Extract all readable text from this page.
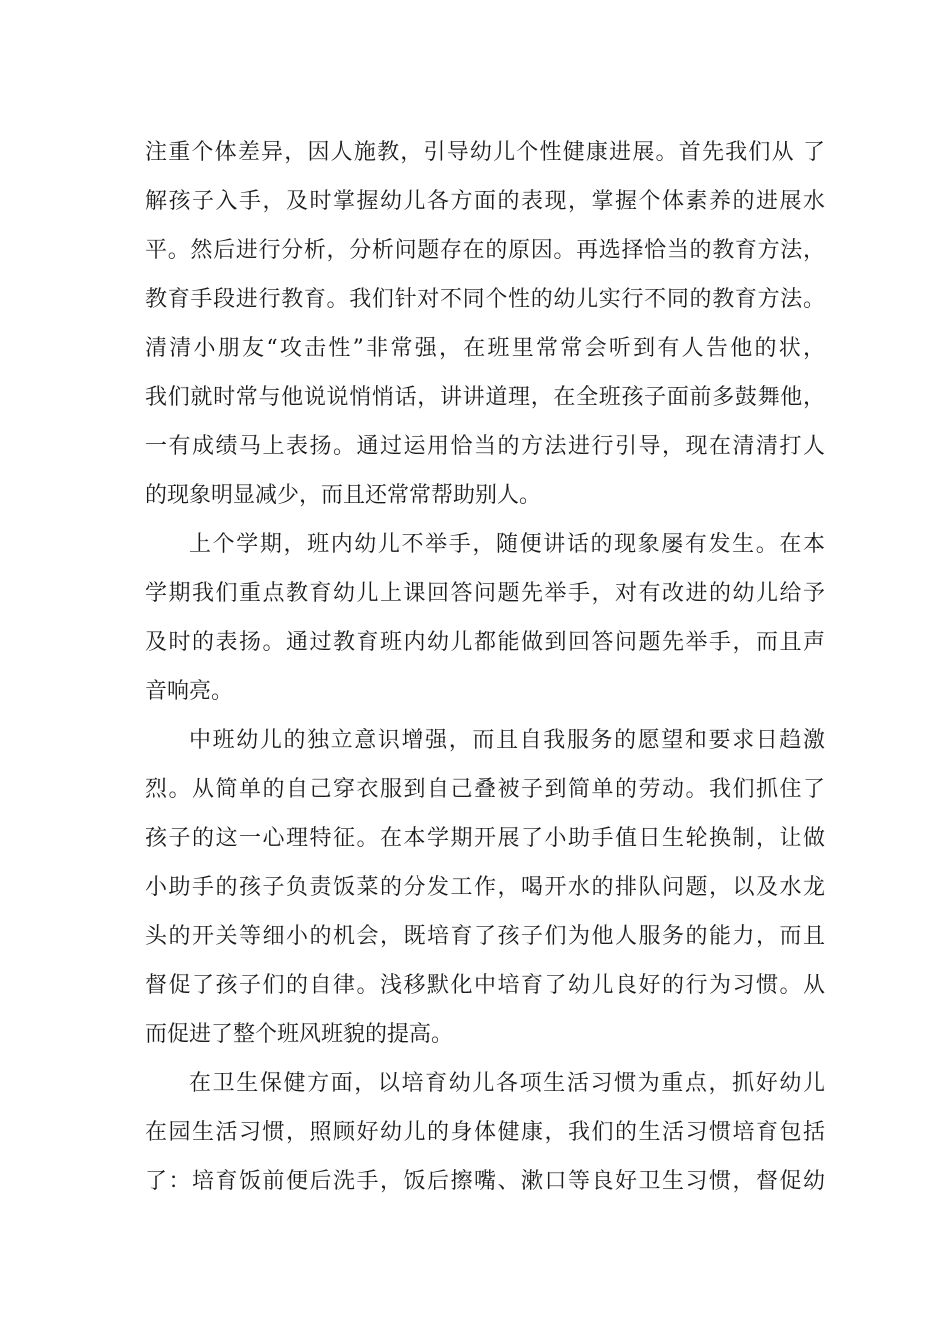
注重个体差异，因人施教，引导幼儿个性健康进展。首先我们从 了
解孩子入手，及时掌握幼儿各方面的表现，掌握个体素养的进展水
平。然后进行分析，分析问题存在的原因。再选择恰当的教育方法，
教育手段进行教育。我们针对不同个性的幼儿实行不同的教育方法。
清清小朋友“攻击性”非常强，在班里常常会听到有人告他的状，
我们就时常与他说说悄悄话，讲讲道理，在全班孩子面前多鼓舞他，
一有成绩马上表扬。通过运用恰当的方法进行引导，现在清清打人
的现象明显减少，而且还常常帮助别人。
上个学期，班内幼儿不举手，随便讲话的现象屡有发生。在本
学期我们重点教育幼儿上课回答问题先举手，对有改进的幼儿给予
及时的表扬。通过教育班内幼儿都能做到回答问题先举手，而且声
音响亮。
中班幼儿的独立意识增强，而且自我服务的愿望和要求日趋激
烈。从简单的自己穿衣服到自己叠被子到简单的劳动。我们抓住了
孩子的这一心理特征。在本学期开展了小助手值日生轮换制，让做
小助手的孩子负责饭菜的分发工作，喝开水的排队问题，以及水龙
头的开关等细小的机会，既培育了孩子们为他人服务的能力，而且
督促了孩子们的自律。浅移默化中培育了幼儿良好的行为习惯。从
而促进了整个班风班貌的提高。
在卫生保健方面，以培育幼儿各项生活习惯为重点，抓好幼儿
在园生活习惯，照顾好幼儿的身体健康，我们的生活习惯培育包括
了：培育饭前便后洗手，饭后擦嘴、漱口等良好卫生习惯，督促幼
